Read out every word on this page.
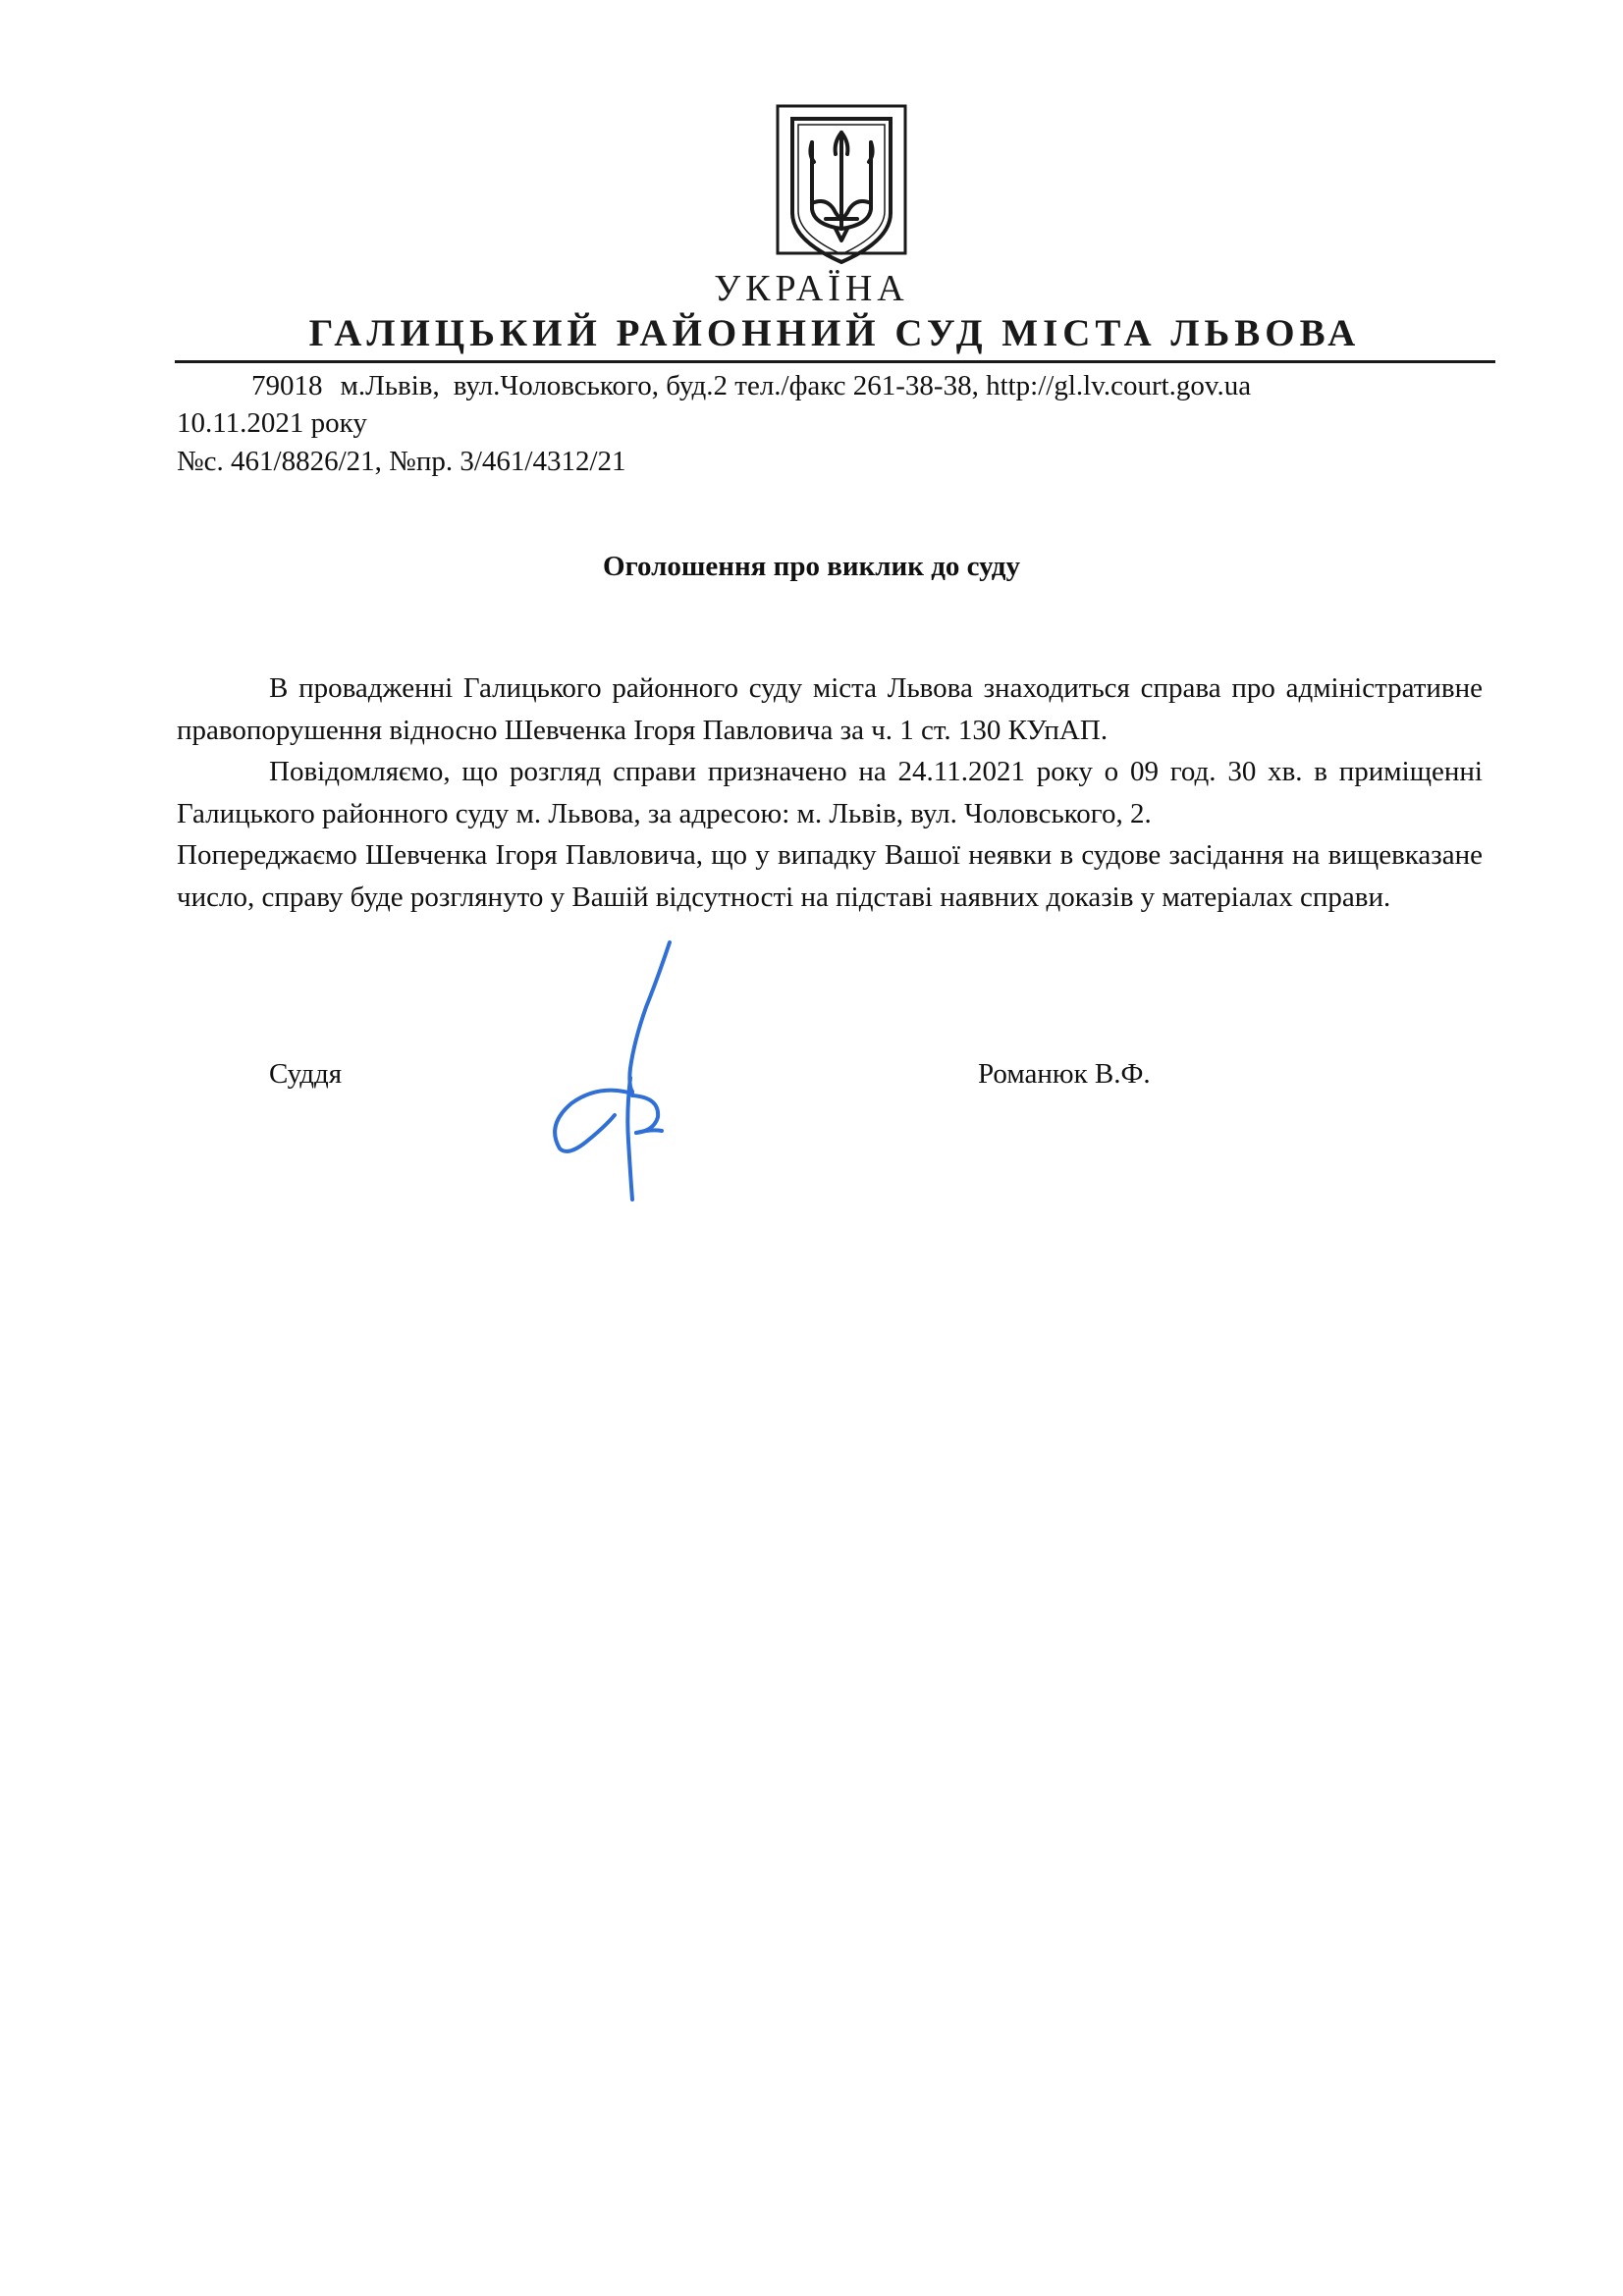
УКРАЇНА
ГАЛИЦЬКИЙ РАЙОННИЙ СУД МІСТА ЛЬВОВА
79018 м.Львів, вул.Чоловського, буд.2 тел./факс 261-38-38, http://gl.lv.court.gov.ua
10.11.2021 року
№с. 461/8826/21, №пр. 3/461/4312/21
Оголошення про виклик до суду

В провадженні Галицького районного суду міста Львова знаходиться справа про адміністративне правопорушення відносно Шевченка Ігоря Павловича за ч. 1 ст. 130 КУпАП.

Повідомляємо, що розгляд справи призначено на 24.11.2021 року о 09 год. 30 хв. в приміщенні Галицького районного суду м. Львова, за адресою: м. Львів, вул. Чоловського, 2.

Попереджаємо Шевченка Ігоря Павловича, що у випадку Вашої неявки в судове засідання на вищевказане число, справу буде розглянуто у Вашій відсутності на підставі наявних доказів у матеріалах справи.

Суддя	Романюк В.Ф.
